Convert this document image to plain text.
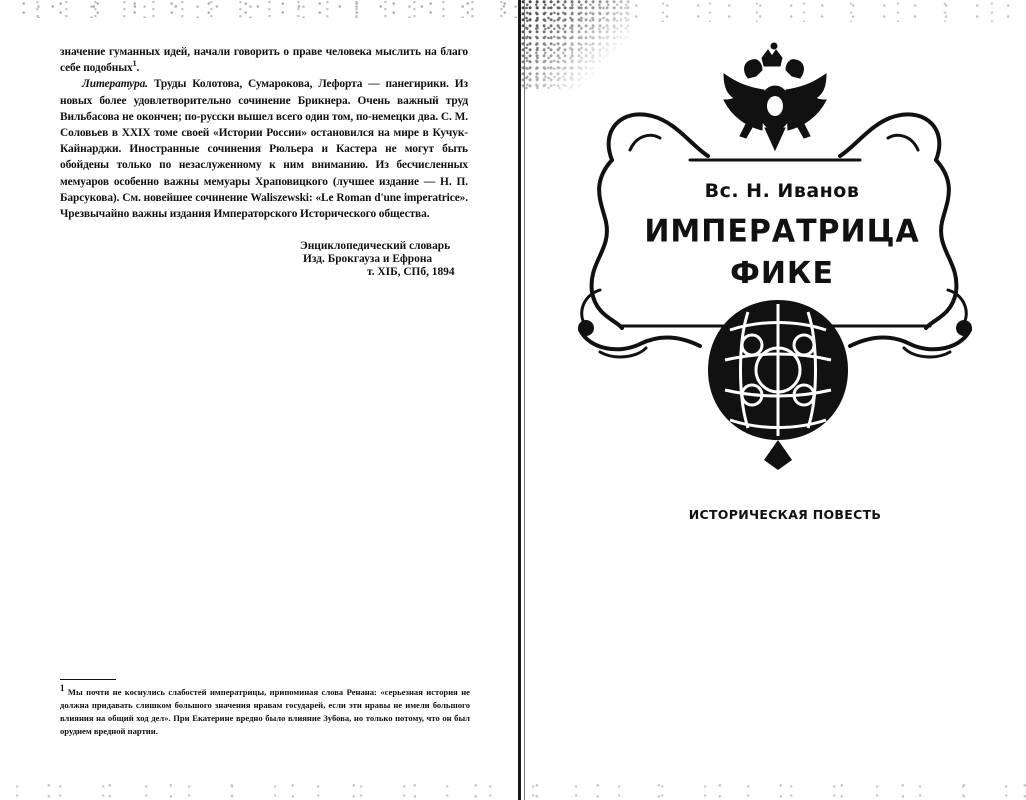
значение гуманных идей, начали говорить о праве человека мыслить на благо себе подобных$^1$.

Литература. Труды Колотова, Сумарокова, Лефорта — панегирики. Из новых более удовлетворительно сочинение Брикнера. Очень важный труд Вильбасова не окончен; по-русски вышел всего один том, по-немецки два. С. М. Соловьев в XXIX томе своей «Истории России» остановился на мире в Кучук-Кайнарджи. Иностранные сочинения Рюльера и Кастера не могут быть обойдены только по незаслуженному к ним вниманию. Из бесчисленных мемуаров особенно важны мемуары Храповицкого (лучшее издание — Н. П. Барсукова). См. новейшее сочинение Waliszewski: «Le Roman d'une imperatrice». Чрезвычайно важны издания Императорского Исторического общества.

Энциклопедический словарь
Изд. Брокгауза и Ефрона
т. XIБ, СПб, 1894

$^1$ Мы почти не коснулись слабостей императрицы, припоминая слова Ренана: «серьезная история не должна придавать слишком большого значения нравам государей, если эти нравы не имели большого влияния на общий ход дел». При Екатерине вредно было влияние Зубова, но только потому, что он был орудием вредной партии.

Вс. Н. Иванов
ИМПЕРАТРИЦА
ФИКЕ
ИСТОРИЧЕСКАЯ ПОВЕСТЬ
